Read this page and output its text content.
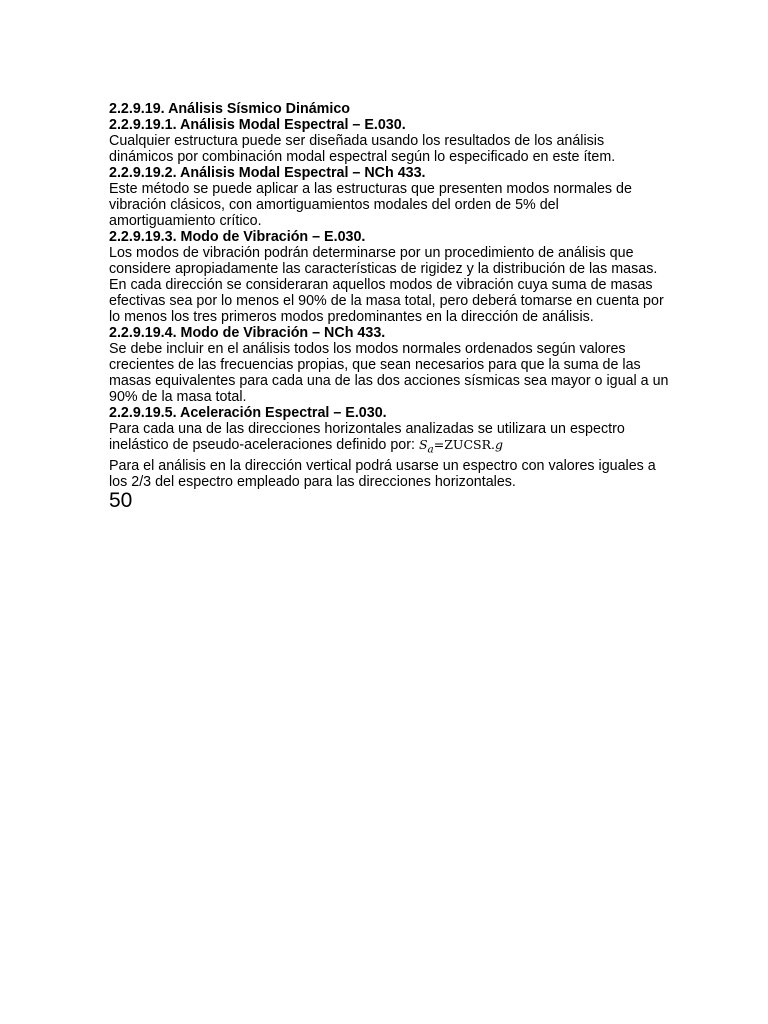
2.2.9.19. Análisis Sísmico Dinámico

2.2.9.19.1. Análisis Modal Espectral – E.030.

Cualquier estructura puede ser diseñada usando los resultados de los análisis dinámicos por combinación modal espectral según lo especificado en este ítem.

2.2.9.19.2. Análisis Modal Espectral – NCh 433.

Este método se puede aplicar a las estructuras que presenten modos normales de vibración clásicos, con amortiguamientos modales del orden de 5% del amortiguamiento crítico.

2.2.9.19.3. Modo de Vibración – E.030.

Los modos de vibración podrán determinarse por un procedimiento de análisis que considere apropiadamente las características de rigidez y la distribución de las masas.

En cada dirección se consideraran aquellos modos de vibración cuya suma de masas efectivas sea por lo menos el 90% de la masa total, pero deberá tomarse en cuenta por lo menos los tres primeros modos predominantes en la dirección de análisis.

2.2.9.19.4. Modo de Vibración – NCh 433.

Se debe incluir en el análisis todos los modos normales ordenados según valores crecientes de las frecuencias propias, que sean necesarios para que la suma de las masas equivalentes para cada una de las dos acciones sísmicas sea mayor o igual a un 90% de la masa total.

2.2.9.19.5. Aceleración Espectral – E.030.

Para cada una de las direcciones horizontales analizadas se utilizara un espectro inelástico de pseudo-aceleraciones definido por: $S_a=ZUCSR.g$

Para el análisis en la dirección vertical podrá usarse un espectro con valores iguales a los 2/3 del espectro empleado para las direcciones horizontales.

50
